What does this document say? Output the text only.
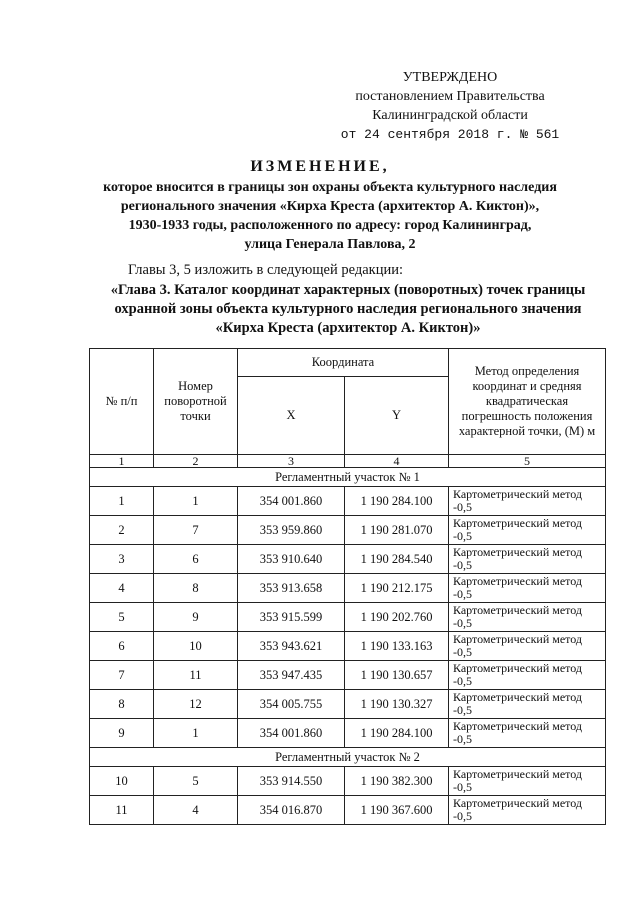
УТВЕРЖДЕНО
постановлением Правительства
Калининградской области
от 24 сентября 2018 г. № 561
ИЗМЕНЕНИЕ,
которое вносится в границы зон охраны объекта культурного наследия
регионального значения «Кирха Креста (архитектор А. Киктон)»,
1930-1933 годы, расположенного по адресу: город Калининград,
улица Генерала Павлова, 2
Главы 3, 5 изложить в следующей редакции:
«Глава 3. Каталог координат характерных (поворотных) точек границы
охранной зоны объекта культурного наследия регионального значения
«Кирха Креста (архитектор А. Киктон)»
№ п/п	Номер поворотной точки	Координата		Метод определения координат и средняя квадратическая погрешность положения характерной точки, (М) м
		X	Y	
1	2	3	4	5
Регламентный участок № 1				
1	1	354 001.860	1 190 284.100	Картометрический метод -0,5
2	7	353 959.860	1 190 281.070	Картометрический метод -0,5
3	6	353 910.640	1 190 284.540	Картометрический метод -0,5
4	8	353 913.658	1 190 212.175	Картометрический метод -0,5
5	9	353 915.599	1 190 202.760	Картометрический метод -0,5
6	10	353 943.621	1 190 133.163	Картометрический метод -0,5
7	11	353 947.435	1 190 130.657	Картометрический метод -0,5
8	12	354 005.755	1 190 130.327	Картометрический метод -0,5
9	1	354 001.860	1 190 284.100	Картометрический метод -0,5
Регламентный участок № 2				
10	5	353 914.550	1 190 382.300	Картометрический метод -0,5
11	4	354 016.870	1 190 367.600	Картометрический метод -0,5
